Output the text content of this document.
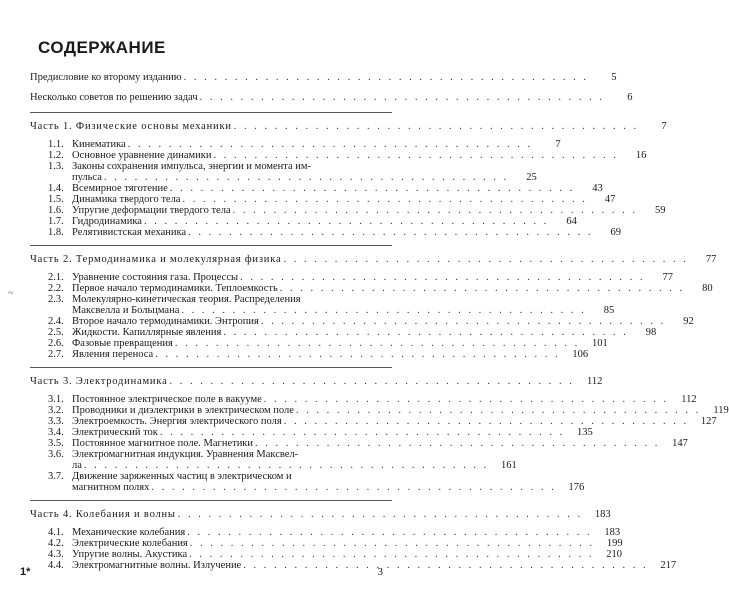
СОДЕРЖАНИЕ
~
Предисловие ко второму изданию . . .	5
Несколько советов по решению задач . . .	6
Часть 1. Физические основы механики . . .	7
1.1. Кинематика . . .	7
1.2. Основное уравнение динамики . . .	16
1.3. Законы сохранения импульса, энергии и момента им-
пульса . . .	25
1.4. Всемирное тяготение . . .	43
1.5. Динамика твердого тела . . .	47
1.6. Упругие деформации твердого тела . . .	59
1.7. Гидродинамика . . .	64
1.8. Релятивистская механика . . .	69
Часть 2. Термодинамика и молекулярная физика . . .	77
2.1. Уравнение состояния газа. Процессы . . .	77
2.2. Первое начало термодинамики. Теплоемкость . . .	80
2.3. Молекулярно-кинетическая теория. Распределения
Максвелла и Больцмана . . .	85
2.4. Второе начало термодинамики. Энтропия . . .	92
2.5. Жидкости. Капиллярные явления . . .	98
2.6. Фазовые превращения . . .	101
2.7. Явления переноса . . .	106
Часть 3. Электродинамика . . .	112
3.1. Постоянное электрическое поле в вакууме . . .	112
3.2. Проводники и диэлектрики в электрическом поле . . .	119
3.3. Электроемкость. Энергия электрического поля . . .	127
3.4. Электрический ток . . .	135
3.5. Постоянное магнитное поле. Магнетики . . .	147
3.6. Электромагнитная индукция. Уравнения Максвел-
ла . . .	161
3.7. Движение заряженных частиц в электрическом и
магнитном полях . . .	176
Часть 4. Колебания и волны . . .	183
4.1. Механические колебания . . .	183
4.2. Электрические колебания . . .	199
4.3. Упругие волны. Акустика . . .	210
4.4. Электромагнитные волны. Излучение . . .	217
1*	3
